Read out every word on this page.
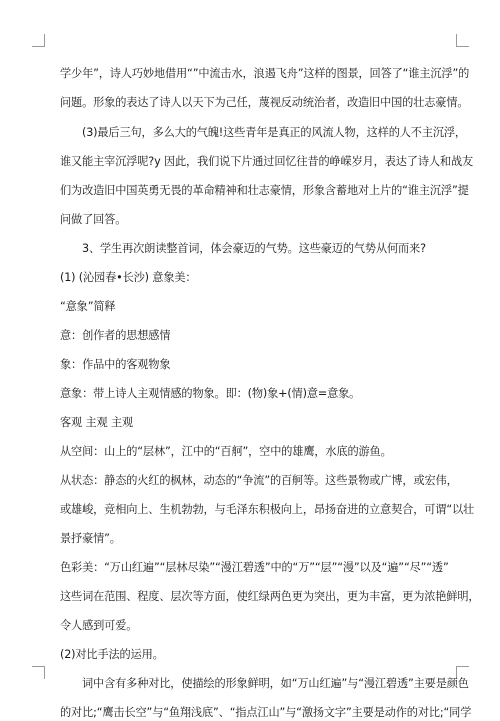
学少年”，诗人巧妙地借用“”中流击水，浪遏飞舟”这样的图景，回答了“谁主沉浮”的
问题。形象的表达了诗人以天下为己任，蔑视反动统治者，改造旧中国的壮志豪情。
(3)最后三句，多么大的气魄!这些青年是真正的风流人物，这样的人不主沉浮，
谁又能主宰沉浮呢?y 因此，我们说下片通过回忆往昔的峥嵘岁月，表达了诗人和战友
们为改造旧中国英勇无畏的革命精神和壮志豪情，形象含蓄地对上片的“谁主沉浮”提
问做了回答。
3、学生再次朗读整首词，体会豪迈的气势。这些豪迈的气势从何而来?
(1) (沁园春•长沙) 意象美：
“意象”简释
意：创作者的思想感情
象：作品中的客观物象
意象：带上诗人主观情感的物象。即：(物)象+(情)意=意象。
客观 主观 主观
从空间：山上的“层林”，江中的“百舸”，空中的雄鹰，水底的游鱼。
从状态：静态的火红的枫林，动态的“争流”的百舸等。这些景物或广博，或宏伟，
或雄峻，竞相向上、生机勃勃，与毛泽东积极向上，昂扬奋进的立意契合，可谓“以壮
景抒豪情”。
色彩美：“万山红遍”“层林尽染”“漫江碧透”中的“万”“层”“漫”以及“遍”“尽”“透”
这些词在范围、程度、层次等方面，使红绿两色更为突出，更为丰富，更为浓艳鲜明，
令人感到可爱。
(2)对比手法的运用。
词中含有多种对比，使描绘的形象鲜明，如“万山红遍”与“漫江碧透”主要是颜色
的对比;“鹰击长空”与“鱼翔浅底”、“指点江山”与“激扬文字”主要是动作的对比;“同学
